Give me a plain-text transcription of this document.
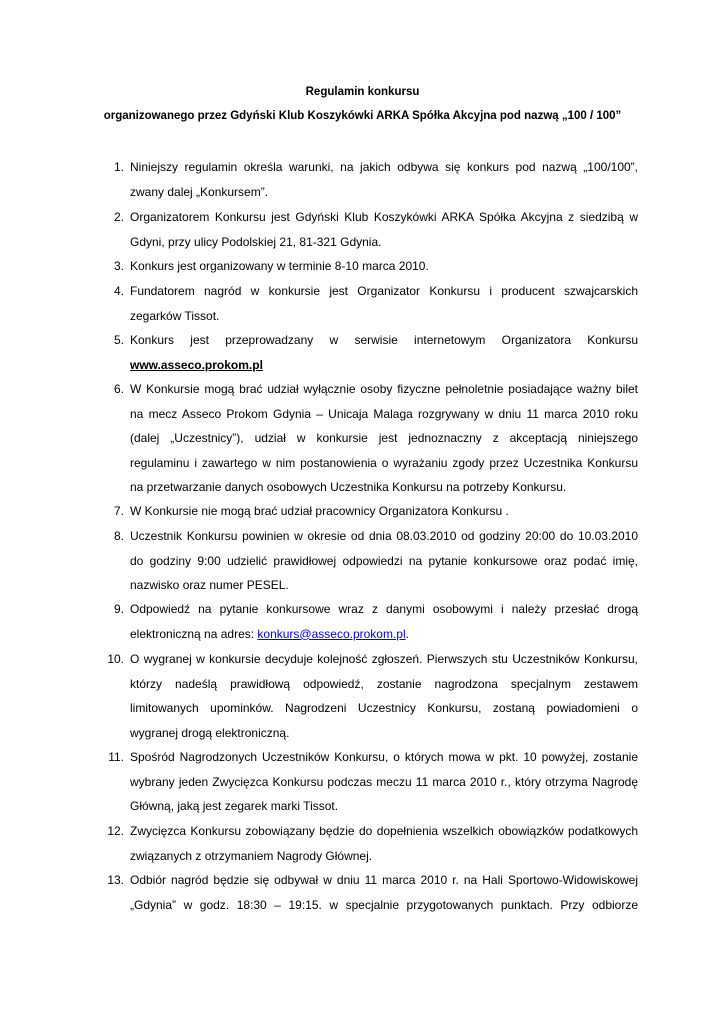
Regulamin konkursu
organizowanego przez Gdyński Klub Koszykówki ARKA Spółka Akcyjna pod nazwą „100 / 100”
1. Niniejszy regulamin określa warunki, na jakich odbywa się konkurs pod nazwą „100/100”,
zwany dalej „Konkursem”.
2. Organizatorem Konkursu jest Gdyński Klub Koszykówki ARKA Spółka Akcyjna z siedzibą w
Gdyni, przy ulicy Podolskiej 21, 81-321 Gdynia.
3. Konkurs jest organizowany w terminie 8-10 marca 2010.
4. Fundatorem nagród w konkursie jest Organizator Konkursu i producent szwajcarskich
zegarków Tissot.
5. Konkurs jest przeprowadzany w serwisie internetowym Organizatora Konkursu
www.asseco.prokom.pl
6. W Konkursie mogą brać udział wyłącznie osoby fizyczne pełnoletnie posiadające ważny bilet
na mecz Asseco Prokom Gdynia – Unicaja Malaga rozgrywany w dniu 11 marca 2010 roku
(dalej „Uczestnicy”), udział w konkursie jest jednoznaczny z akceptacją niniejszego
regulaminu i zawartego w nim postanowienia o wyrażaniu zgody przez Uczestnika Konkursu
na przetwarzanie danych osobowych Uczestnika Konkursu na potrzeby Konkursu.
7. W Konkursie nie mogą brać udział pracownicy Organizatora Konkursu .
8. Uczestnik Konkursu powinien w okresie od dnia 08.03.2010 od godziny 20:00 do 10.03.2010
do godziny 9:00 udzielić prawidłowej odpowiedzi na pytanie konkursowe oraz podać imię,
nazwisko oraz numer PESEL.
9. Odpowiedź na pytanie konkursowe wraz z danymi osobowymi i należy przesłać drogą
elektroniczną na adres: konkurs@asseco.prokom.pl.
10. O wygranej w konkursie decyduje kolejność zgłoszeń. Pierwszych stu Uczestników Konkursu,
którzy nadeślą prawidłową odpowiedź, zostanie nagrodzona specjalnym zestawem
limitowanych upominków. Nagrodzeni Uczestnicy Konkursu, zostaną powiadomieni o
wygranej drogą elektroniczną.
11. Spośród Nagrodzonych Uczestników Konkursu, o których mowa w pkt. 10 powyżej, zostanie
wybrany jeden Zwycięzca Konkursu podczas meczu 11 marca 2010 r., który otrzyma Nagrodę
Główną, jaką jest zegarek marki Tissot.
12. Zwycięzca Konkursu zobowiązany będzie do dopełnienia wszelkich obowiązków podatkowych
związanych z otrzymaniem Nagrody Głównej.
13. Odbiór nagród będzie się odbywał w dniu 11 marca 2010 r. na Hali Sportowo-Widowiskowej
„Gdynia” w godz. 18:30 – 19:15. w specjalnie przygotowanych punktach. Przy odbiorze
